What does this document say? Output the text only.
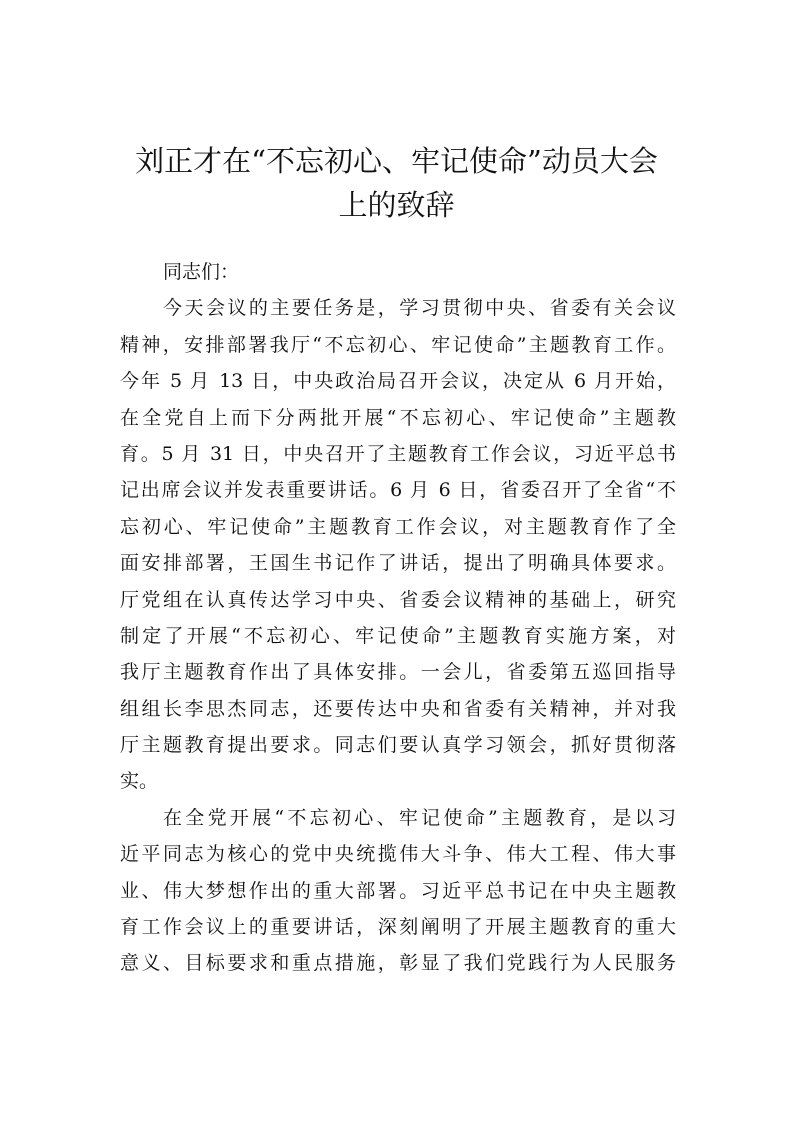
刘正才在“不忘初心、牢记使命”动员大会
上的致辞
同志们：
今天会议的主要任务是，学习贯彻中央、省委有关会议
精神，安排部署我厅“不忘初心、牢记使命”主题教育工作。
今年 5 月 13 日，中央政治局召开会议，决定从 6 月开始，
在全党自上而下分两批开展“不忘初心、牢记使命”主题教
育。5 月 31 日，中央召开了主题教育工作会议，习近平总书
记出席会议并发表重要讲话。6 月 6 日，省委召开了全省“不
忘初心、牢记使命”主题教育工作会议，对主题教育作了全
面安排部署，王国生书记作了讲话，提出了明确具体要求。
厅党组在认真传达学习中央、省委会议精神的基础上，研究
制定了开展“不忘初心、牢记使命”主题教育实施方案，对
我厅主题教育作出了具体安排。一会儿，省委第五巡回指导
组组长李思杰同志，还要传达中央和省委有关精神，并对我
厅主题教育提出要求。同志们要认真学习领会，抓好贯彻落
实。
在全党开展“不忘初心、牢记使命”主题教育，是以习
近平同志为核心的党中央统揽伟大斗争、伟大工程、伟大事
业、伟大梦想作出的重大部署。习近平总书记在中央主题教
育工作会议上的重要讲话，深刻阐明了开展主题教育的重大
意义、目标要求和重点措施，彰显了我们党践行为人民服务
